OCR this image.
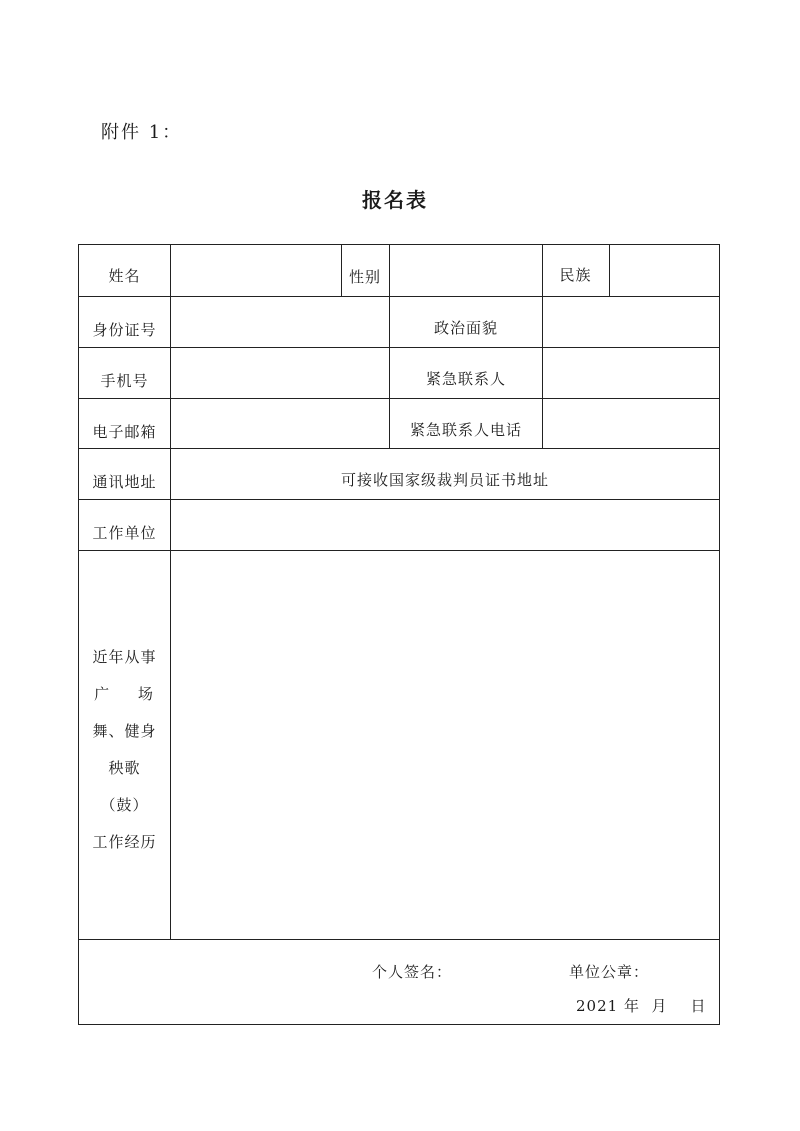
附件 1：
报名表
姓名	性别	民族
身份证号	政治面貌
手机号	紧急联系人
电子邮箱	紧急联系人电话
通讯地址	可接收国家级裁判员证书地址
工作单位
近年从事
广 场
舞、健身
秧歌
（鼓）
工作经历
个人签名：	单位公章：
2021 年  月    日
